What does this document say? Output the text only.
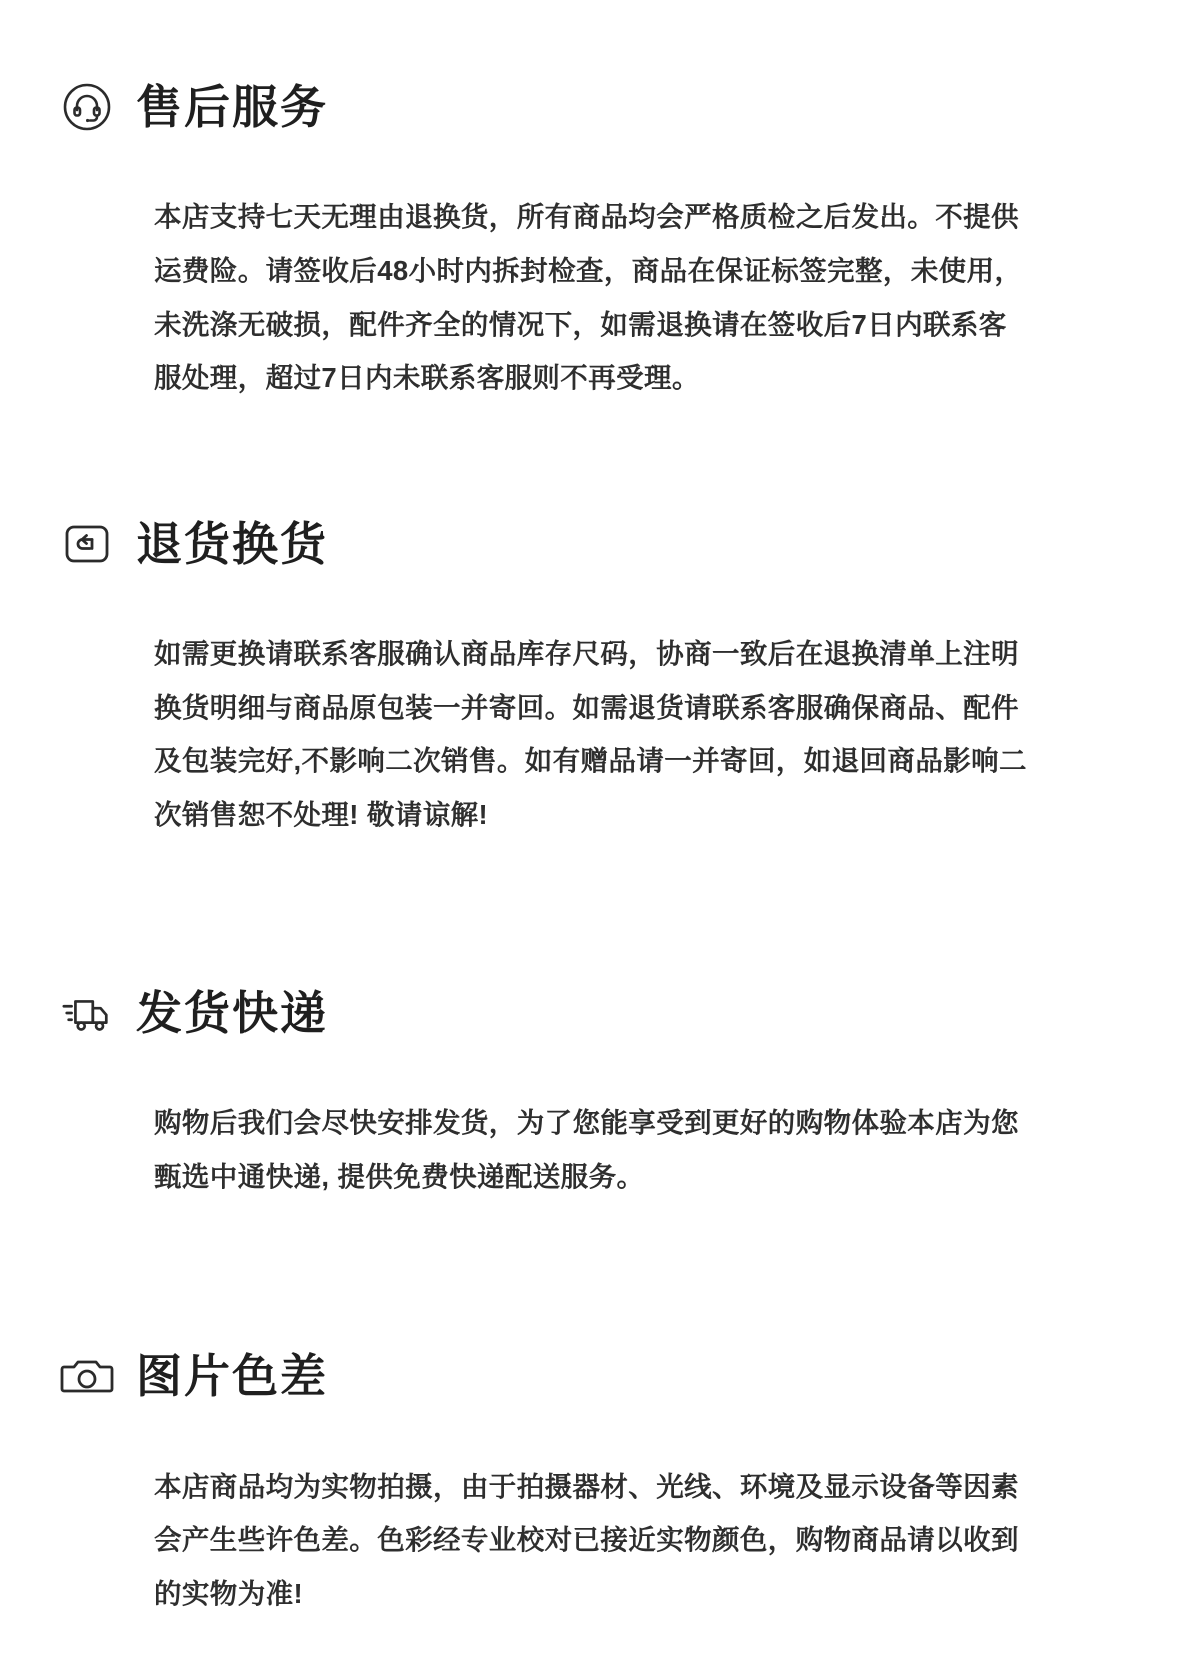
售后服务

本店支持七天无理由退换货，所有商品均会严格质检之后发出。不提供运费险。请签收后48小时内拆封检查，商品在保证标签完整，未使用，未洗涤无破损，配件齐全的情况下，如需退换请在签收后7日内联系客服处理，超过7日内未联系客服则不再受理。

退货换货

如需更换请联系客服确认商品库存尺码，协商一致后在退换清单上注明换货明细与商品原包装一并寄回。如需退货请联系客服确保商品、配件及包装完好,不影响二次销售。如有赠品请一并寄回，如退回商品影响二次销售恕不处理! 敬请谅解!

发货快递

购物后我们会尽快安排发货，为了您能享受到更好的购物体验本店为您甄选中通快递, 提供免费快递配送服务。

图片色差

本店商品均为实物拍摄，由于拍摄器材、光线、环境及显示设备等因素会产生些许色差。色彩经专业校对已接近实物颜色，购物商品请以收到的实物为准!
